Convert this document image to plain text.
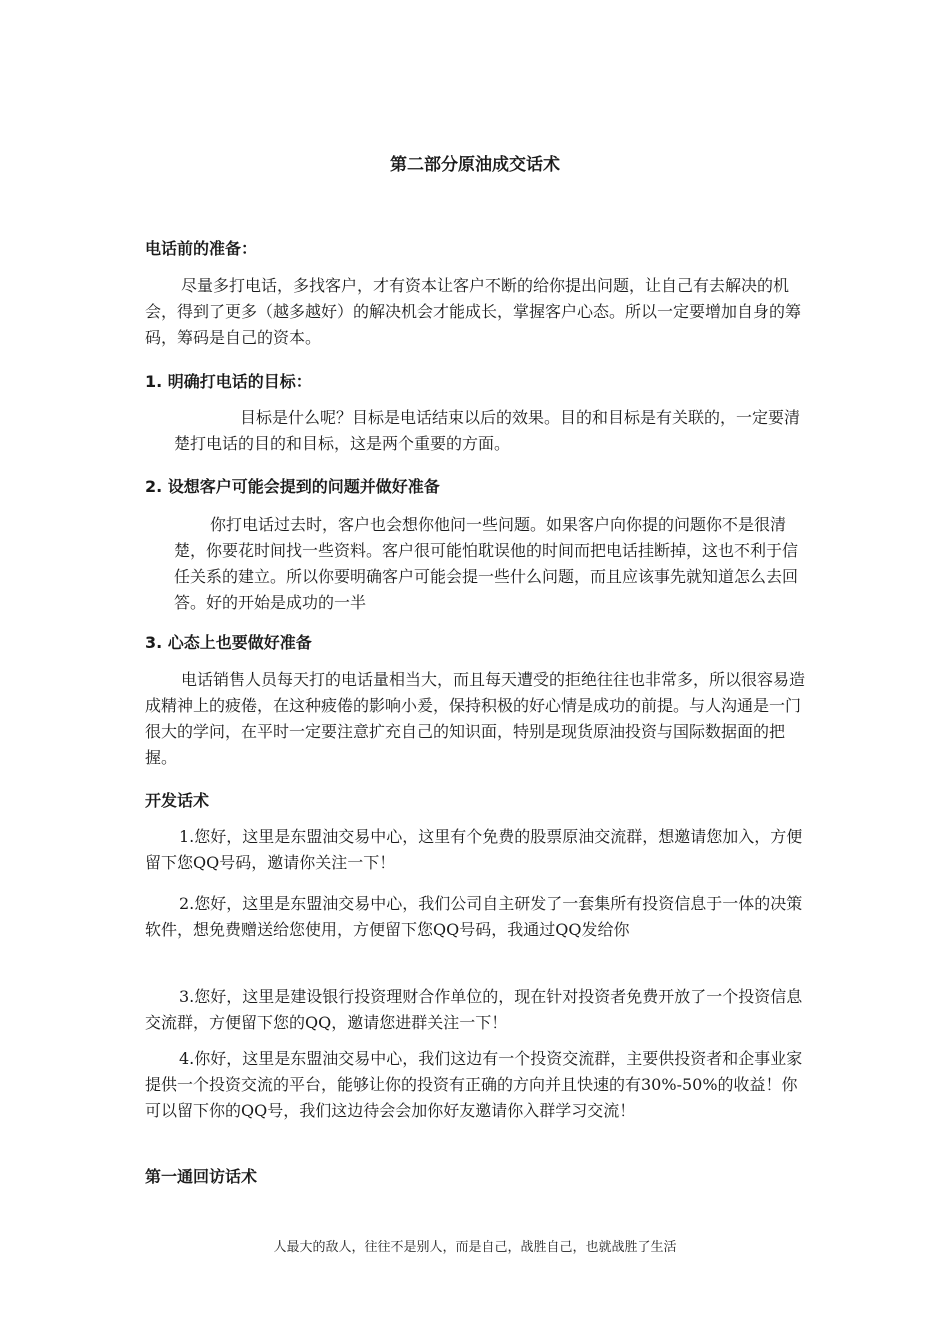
第二部分原油成交话术
电话前的准备：

尽量多打电话，多找客户，才有资本让客户不断的给你提出问题，让自己有去解决的机会，得到了更多（越多越好）的解决机会才能成长，掌握客户心态。所以一定要增加自身的筹码，筹码是自己的资本。

1. 明确打电话的目标：

目标是什么呢？目标是电话结束以后的效果。目的和目标是有关联的，一定要清楚打电话的目的和目标，这是两个重要的方面。

2. 设想客户可能会提到的问题并做好准备

你打电话过去时，客户也会想你他问一些问题。如果客户向你提的问题你不是很清楚，你要花时间找一些资料。客户很可能怕耽误他的时间而把电话挂断掉，这也不利于信任关系的建立。所以你要明确客户可能会提一些什么问题，而且应该事先就知道怎么去回答。好的开始是成功的一半

3. 心态上也要做好准备

电话销售人员每天打的电话量相当大，而且每天遭受的拒绝往往也非常多，所以很容易造成精神上的疲倦，在这种疲倦的影响小爰，保持积极的好心情是成功的前提。与人沟通是一门很大的学问，在平时一定要注意扩充自己的知识面，特别是现货原油投资与国际数据面的把握。

开发话术

1.您好，这里是东盟油交易中心，这里有个免费的股票原油交流群，想邀请您加入，方便留下您QQ号码，邀请你关注一下！

2.您好，这里是东盟油交易中心，我们公司自主研发了一套集所有投资信息于一体的决策软件，想免费赠送给您使用，方便留下您QQ号码，我通过QQ发给你

3.您好，这里是建设银行投资理财合作单位的，现在针对投资者免费开放了一个投资信息交流群，方便留下您的QQ，邀请您进群关注一下！

4.你好，这里是东盟油交易中心，我们这边有一个投资交流群，主要供投资者和企事业家提供一个投资交流的平台，能够让你的投资有正确的方向并且快速的有30%-50%的收益！你可以留下你的QQ号，我们这边待会会加你好友邀请你入群学习交流！

第一通回访话术
人最大的敌人，往往不是别人，而是自己，战胜自己，也就战胜了生活
